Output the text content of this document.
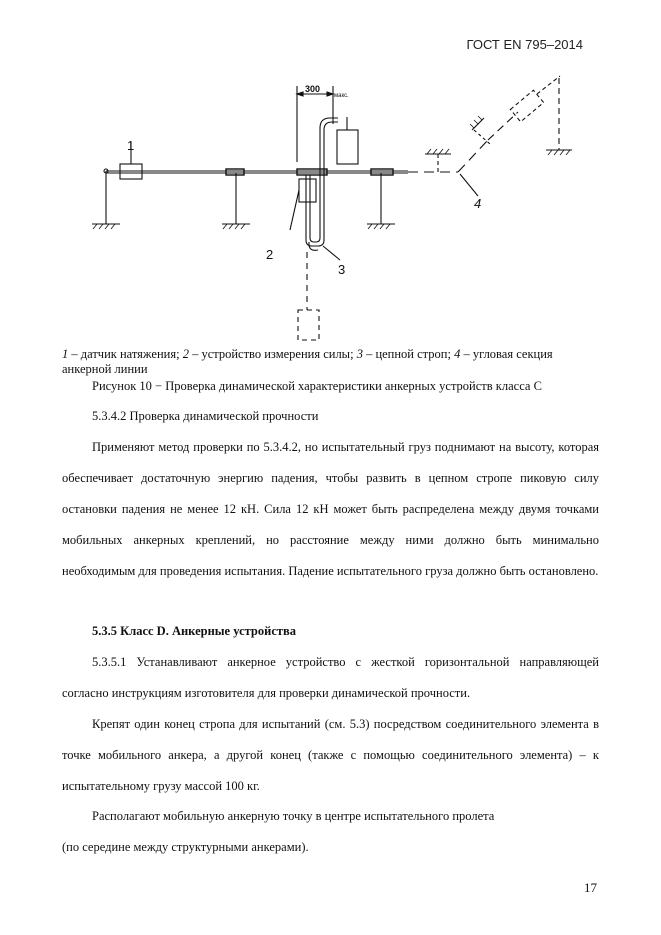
ГОСТ EN 795–2014
300
макс.
1
2
3
4
1 – датчик натяжения; 2 – устройство измерения силы; 3 – цепной строп; 4 – угловая секция анкерной линии
Рисунок 10 − Проверка динамической характеристики анкерных устройств класса С
5.3.4.2 Проверка динамической прочности
Применяют метод проверки по 5.3.4.2, но испытательный груз поднимают на высоту, которая обеспечивает достаточную энергию падения, чтобы развить в цепном стропе пиковую силу остановки падения не менее 12 кН. Сила 12 кН может быть распределена между двумя точками мобильных анкерных креплений, но расстояние между ними должно быть минимально необходимым для проведения испытания. Падение испытательного груза должно быть остановлено.
5.3.5 Класс D. Анкерные устройства
5.3.5.1 Устанавливают анкерное устройство с жесткой горизонтальной направляющей согласно инструкциям изготовителя для проверки динамической прочности.
Крепят один конец стропа для испытаний (см. 5.3) посредством соединительного элемента в точке мобильного анкера, а другой конец (также с помощью соединительного элемента) – к испытательному грузу массой 100 кг.
Располагают мобильную анкерную точку в центре испытательного пролета
(по середине между структурными анкерами).
17
